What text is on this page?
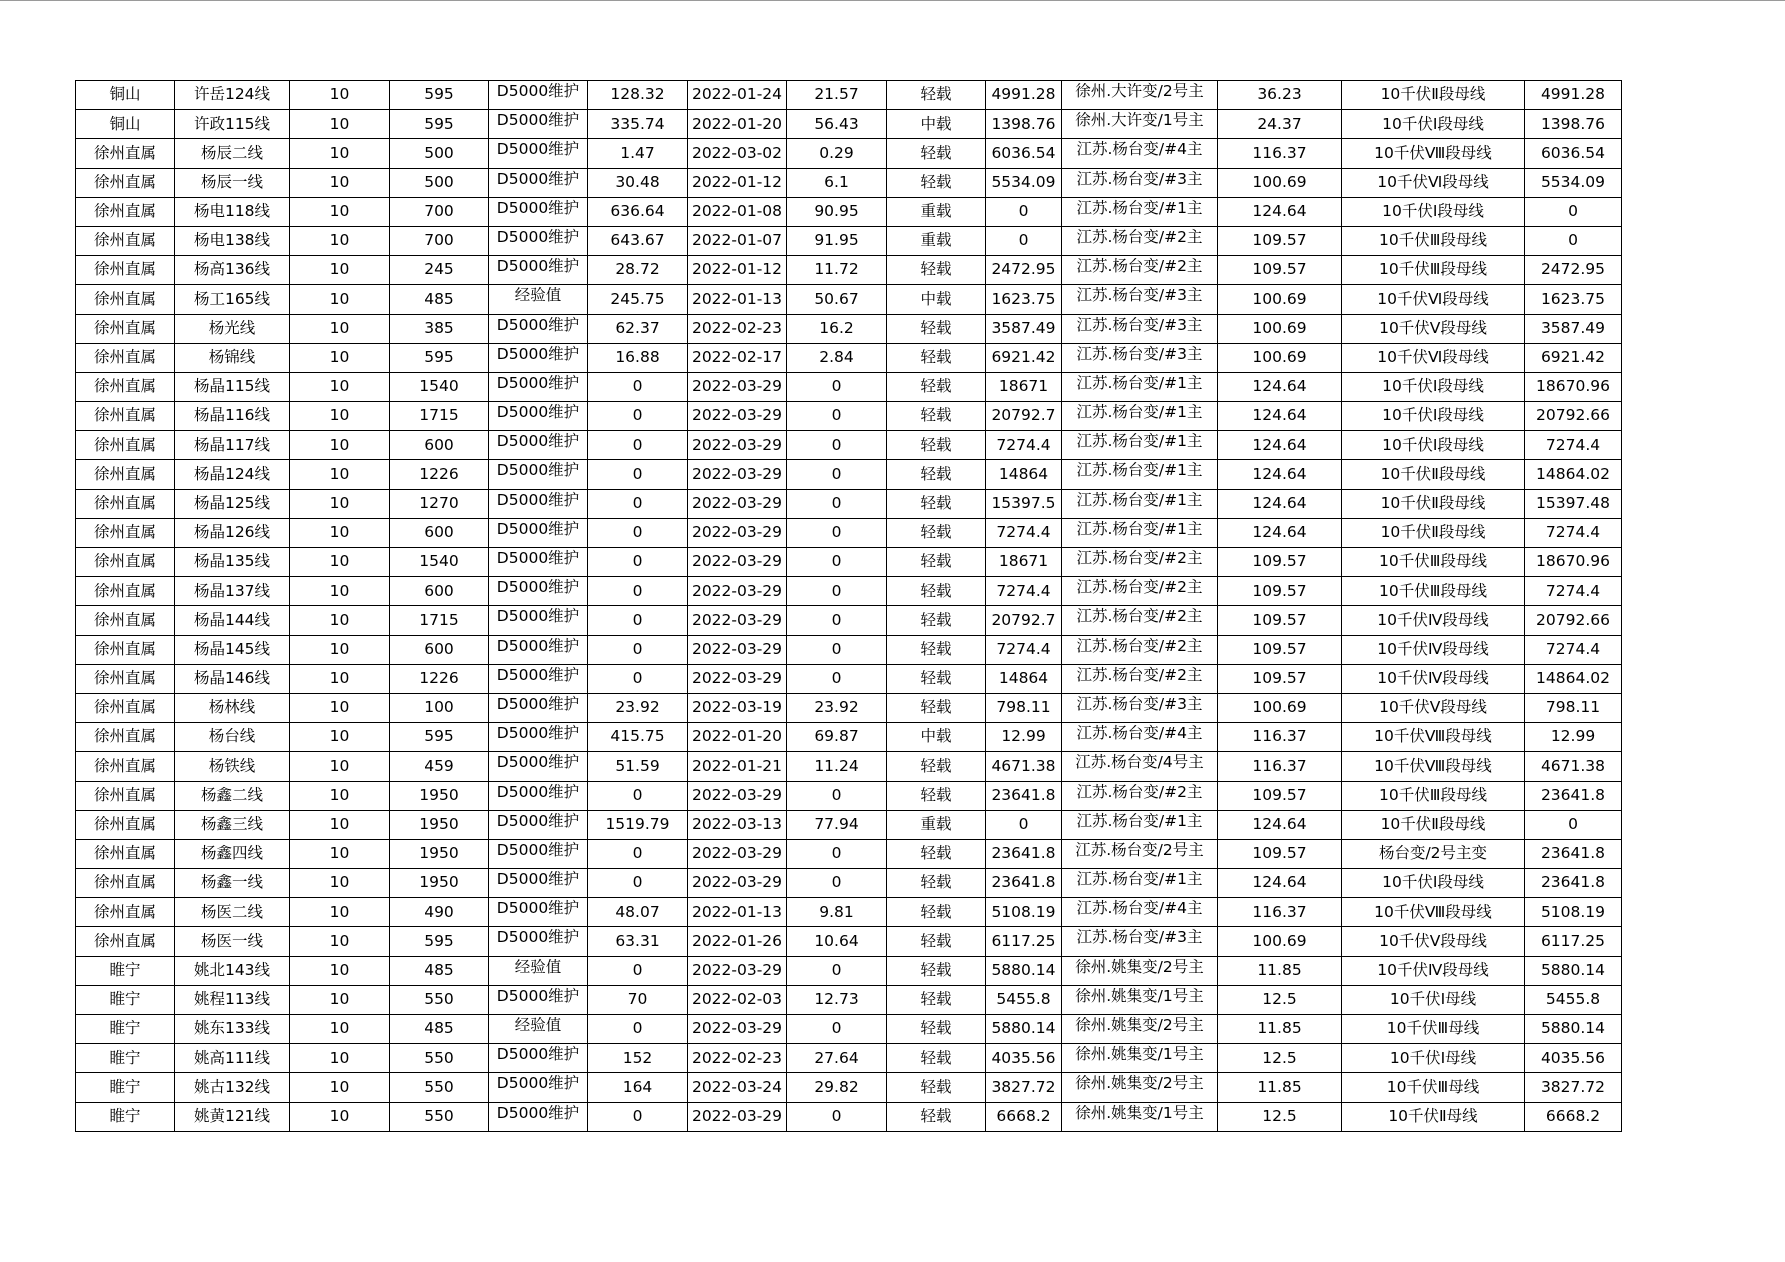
铜山	许岳124线	10	595	D5000维护	128.32	2022-01-24	21.57	轻载	4991.28	徐州.大许变/2号主	36.23	10千伏Ⅱ段母线	4991.28
铜山	许政115线	10	595	D5000维护	335.74	2022-01-20	56.43	中载	1398.76	徐州.大许变/1号主	24.37	10千伏Ⅰ段母线	1398.76
徐州直属	杨辰二线	10	500	D5000维护	1.47	2022-03-02	0.29	轻载	6036.54	江苏.杨台变/#4主	116.37	10千伏Ⅷ段母线	6036.54
徐州直属	杨辰一线	10	500	D5000维护	30.48	2022-01-12	6.1	轻载	5534.09	江苏.杨台变/#3主	100.69	10千伏Ⅵ段母线	5534.09
徐州直属	杨电118线	10	700	D5000维护	636.64	2022-01-08	90.95	重载	0	江苏.杨台变/#1主	124.64	10千伏Ⅰ段母线	0
徐州直属	杨电138线	10	700	D5000维护	643.67	2022-01-07	91.95	重载	0	江苏.杨台变/#2主	109.57	10千伏Ⅲ段母线	0
徐州直属	杨高136线	10	245	D5000维护	28.72	2022-01-12	11.72	轻载	2472.95	江苏.杨台变/#2主	109.57	10千伏Ⅲ段母线	2472.95
徐州直属	杨工165线	10	485	经验值	245.75	2022-01-13	50.67	中载	1623.75	江苏.杨台变/#3主	100.69	10千伏Ⅵ段母线	1623.75
徐州直属	杨光线	10	385	D5000维护	62.37	2022-02-23	16.2	轻载	3587.49	江苏.杨台变/#3主	100.69	10千伏Ⅴ段母线	3587.49
徐州直属	杨锦线	10	595	D5000维护	16.88	2022-02-17	2.84	轻载	6921.42	江苏.杨台变/#3主	100.69	10千伏Ⅵ段母线	6921.42
徐州直属	杨晶115线	10	1540	D5000维护	0	2022-03-29	0	轻载	18671	江苏.杨台变/#1主	124.64	10千伏Ⅰ段母线	18670.96
徐州直属	杨晶116线	10	1715	D5000维护	0	2022-03-29	0	轻载	20792.7	江苏.杨台变/#1主	124.64	10千伏Ⅰ段母线	20792.66
徐州直属	杨晶117线	10	600	D5000维护	0	2022-03-29	0	轻载	7274.4	江苏.杨台变/#1主	124.64	10千伏Ⅰ段母线	7274.4
徐州直属	杨晶124线	10	1226	D5000维护	0	2022-03-29	0	轻载	14864	江苏.杨台变/#1主	124.64	10千伏Ⅱ段母线	14864.02
徐州直属	杨晶125线	10	1270	D5000维护	0	2022-03-29	0	轻载	15397.5	江苏.杨台变/#1主	124.64	10千伏Ⅱ段母线	15397.48
徐州直属	杨晶126线	10	600	D5000维护	0	2022-03-29	0	轻载	7274.4	江苏.杨台变/#1主	124.64	10千伏Ⅱ段母线	7274.4
徐州直属	杨晶135线	10	1540	D5000维护	0	2022-03-29	0	轻载	18671	江苏.杨台变/#2主	109.57	10千伏Ⅲ段母线	18670.96
徐州直属	杨晶137线	10	600	D5000维护	0	2022-03-29	0	轻载	7274.4	江苏.杨台变/#2主	109.57	10千伏Ⅲ段母线	7274.4
徐州直属	杨晶144线	10	1715	D5000维护	0	2022-03-29	0	轻载	20792.7	江苏.杨台变/#2主	109.57	10千伏Ⅳ段母线	20792.66
徐州直属	杨晶145线	10	600	D5000维护	0	2022-03-29	0	轻载	7274.4	江苏.杨台变/#2主	109.57	10千伏Ⅳ段母线	7274.4
徐州直属	杨晶146线	10	1226	D5000维护	0	2022-03-29	0	轻载	14864	江苏.杨台变/#2主	109.57	10千伏Ⅳ段母线	14864.02
徐州直属	杨林线	10	100	D5000维护	23.92	2022-03-19	23.92	轻载	798.11	江苏.杨台变/#3主	100.69	10千伏Ⅴ段母线	798.11
徐州直属	杨台线	10	595	D5000维护	415.75	2022-01-20	69.87	中载	12.99	江苏.杨台变/#4主	116.37	10千伏Ⅷ段母线	12.99
徐州直属	杨铁线	10	459	D5000维护	51.59	2022-01-21	11.24	轻载	4671.38	江苏.杨台变/4号主	116.37	10千伏Ⅷ段母线	4671.38
徐州直属	杨鑫二线	10	1950	D5000维护	0	2022-03-29	0	轻载	23641.8	江苏.杨台变/#2主	109.57	10千伏Ⅲ段母线	23641.8
徐州直属	杨鑫三线	10	1950	D5000维护	1519.79	2022-03-13	77.94	重载	0	江苏.杨台变/#1主	124.64	10千伏Ⅱ段母线	0
徐州直属	杨鑫四线	10	1950	D5000维护	0	2022-03-29	0	轻载	23641.8	江苏.杨台变/2号主	109.57	杨台变/2号主变	23641.8
徐州直属	杨鑫一线	10	1950	D5000维护	0	2022-03-29	0	轻载	23641.8	江苏.杨台变/#1主	124.64	10千伏Ⅰ段母线	23641.8
徐州直属	杨医二线	10	490	D5000维护	48.07	2022-01-13	9.81	轻载	5108.19	江苏.杨台变/#4主	116.37	10千伏Ⅷ段母线	5108.19
徐州直属	杨医一线	10	595	D5000维护	63.31	2022-01-26	10.64	轻载	6117.25	江苏.杨台变/#3主	100.69	10千伏Ⅴ段母线	6117.25
睢宁	姚北143线	10	485	经验值	0	2022-03-29	0	轻载	5880.14	徐州.姚集变/2号主	11.85	10千伏Ⅳ段母线	5880.14
睢宁	姚程113线	10	550	D5000维护	70	2022-02-03	12.73	轻载	5455.8	徐州.姚集变/1号主	12.5	10千伏Ⅰ母线	5455.8
睢宁	姚东133线	10	485	经验值	0	2022-03-29	0	轻载	5880.14	徐州.姚集变/2号主	11.85	10千伏Ⅲ母线	5880.14
睢宁	姚高111线	10	550	D5000维护	152	2022-02-23	27.64	轻载	4035.56	徐州.姚集变/1号主	12.5	10千伏Ⅰ母线	4035.56
睢宁	姚古132线	10	550	D5000维护	164	2022-03-24	29.82	轻载	3827.72	徐州.姚集变/2号主	11.85	10千伏Ⅲ母线	3827.72
睢宁	姚黄121线	10	550	D5000维护	0	2022-03-29	0	轻载	6668.2	徐州.姚集变/1号主	12.5	10千伏Ⅱ母线	6668.2
